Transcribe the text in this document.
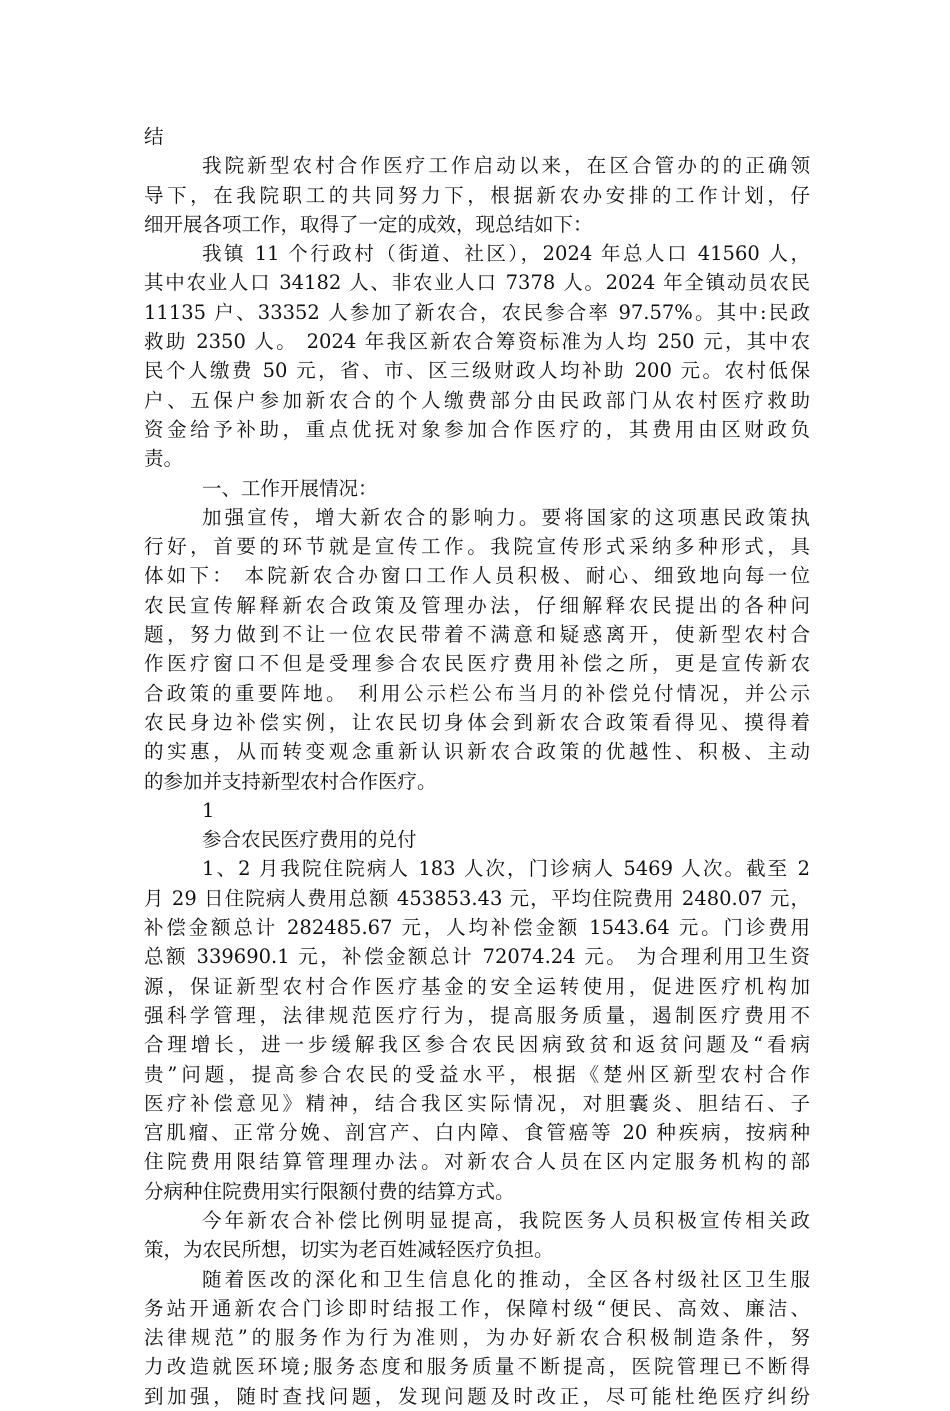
结
我院新型农村合作医疗工作启动以来，在区合管办的的正确领
导下，在我院职工的共同努力下，根据新农办安排的工作计划，仔
细开展各项工作，取得了一定的成效，现总结如下：
我镇 11 个行政村（街道、社区），2024 年总人口 41560 人，
其中农业人口 34182 人、非农业人口 7378 人。2024 年全镇动员农民
11135 户、33352 人参加了新农合，农民参合率 97.57%。其中:民政
救助 2350 人。 2024 年我区新农合筹资标准为人均 250 元，其中农
民个人缴费 50 元，省、市、区三级财政人均补助 200 元。农村低保
户、五保户参加新农合的个人缴费部分由民政部门从农村医疗救助
资金给予补助，重点优抚对象参加合作医疗的，其费用由区财政负
责。
一、工作开展情况：
加强宣传，增大新农合的影响力。要将国家的这项惠民政策执
行好，首要的环节就是宣传工作。我院宣传形式采纳多种形式，具
体如下： 本院新农合办窗口工作人员积极、耐心、细致地向每一位
农民宣传解释新农合政策及管理办法，仔细解释农民提出的各种问
题，努力做到不让一位农民带着不满意和疑惑离开，使新型农村合
作医疗窗口不但是受理参合农民医疗费用补偿之所，更是宣传新农
合政策的重要阵地。 利用公示栏公布当月的补偿兑付情况，并公示
农民身边补偿实例，让农民切身体会到新农合政策看得见、摸得着
的实惠，从而转变观念重新认识新农合政策的优越性、积极、主动
的参加并支持新型农村合作医疗。
1
参合农民医疗费用的兑付
1、2 月我院住院病人 183 人次，门诊病人 5469 人次。截至 2
月 29 日住院病人费用总额 453853.43 元，平均住院费用 2480.07 元，
补偿金额总计 282485.67 元，人均补偿金额 1543.64 元。门诊费用
总额 339690.1 元，补偿金额总计 72074.24 元。 为合理利用卫生资
源，保证新型农村合作医疗基金的安全运转使用，促进医疗机构加
强科学管理，法律规范医疗行为，提高服务质量，遏制医疗费用不
合理增长，进一步缓解我区参合农民因病致贫和返贫问题及“看病
贵”问题，提高参合农民的受益水平，根据《楚州区新型农村合作
医疗补偿意见》精神，结合我区实际情况，对胆囊炎、胆结石、子
宫肌瘤、正常分娩、剖宫产、白内障、食管癌等 20 种疾病，按病种
住院费用限结算管理理办法。对新农合人员在区内定服务机构的部
分病种住院费用实行限额付费的结算方式。
今年新农合补偿比例明显提高，我院医务人员积极宣传相关政
策，为农民所想，切实为老百姓减轻医疗负担。
随着医改的深化和卫生信息化的推动，全区各村级社区卫生服
务站开通新农合门诊即时结报工作，保障村级“便民、高效、廉洁、
法律规范”的服务作为行为准则，为办好新农合积极制造条件，努
力改造就医环境;服务态度和服务质量不断提高，医院管理已不断得
到加强，随时查找问题，发现问题及时改正，尽可能杜绝医疗纠纷
